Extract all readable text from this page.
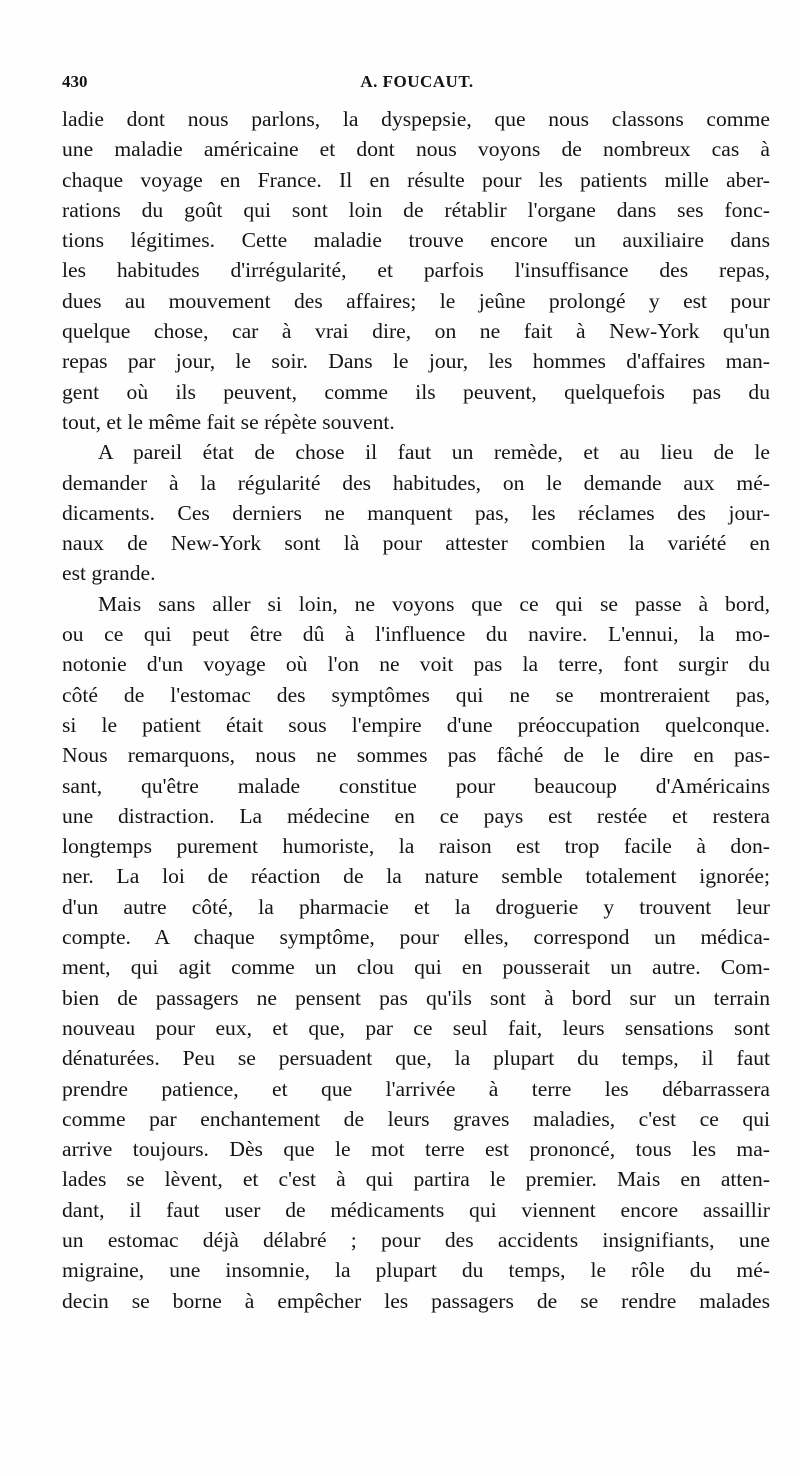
430	A. FOUCAUT.
ladie dont nous parlons, la dyspepsie, que nous classons comme
une maladie américaine et dont nous voyons de nombreux cas à
chaque voyage en France. Il en résulte pour les patients mille aber-
rations du goût qui sont loin de rétablir l'organe dans ses fonc-
tions légitimes. Cette maladie trouve encore un auxiliaire dans
les habitudes d'irrégularité, et parfois l'insuffisance des repas,
dues au mouvement des affaires; le jeûne prolongé y est pour
quelque chose, car à vrai dire, on ne fait à New-York qu'un
repas par jour, le soir. Dans le jour, les hommes d'affaires man-
gent où ils peuvent, comme ils peuvent, quelquefois pas du
tout, et le même fait se répète souvent.
A pareil état de chose il faut un remède, et au lieu de le
demander à la régularité des habitudes, on le demande aux mé-
dicaments. Ces derniers ne manquent pas, les réclames des jour-
naux de New-York sont là pour attester combien la variété en
est grande.
Mais sans aller si loin, ne voyons que ce qui se passe à bord,
ou ce qui peut être dû à l'influence du navire. L'ennui, la mo-
notonie d'un voyage où l'on ne voit pas la terre, font surgir du
côté de l'estomac des symptômes qui ne se montreraient pas,
si le patient était sous l'empire d'une préoccupation quelconque.
Nous remarquons, nous ne sommes pas fâché de le dire en pas-
sant, qu'être malade constitue pour beaucoup d'Américains
une distraction. La médecine en ce pays est restée et restera
longtemps purement humoriste, la raison est trop facile à don-
ner. La loi de réaction de la nature semble totalement ignorée;
d'un autre côté, la pharmacie et la droguerie y trouvent leur
compte. A chaque symptôme, pour elles, correspond un médica-
ment, qui agit comme un clou qui en pousserait un autre. Com-
bien de passagers ne pensent pas qu'ils sont à bord sur un terrain
nouveau pour eux, et que, par ce seul fait, leurs sensations sont
dénaturées. Peu se persuadent que, la plupart du temps, il faut
prendre patience, et que l'arrivée à terre les débarrassera
comme par enchantement de leurs graves maladies, c'est ce qui
arrive toujours. Dès que le mot terre est prononcé, tous les ma-
lades se lèvent, et c'est à qui partira le premier. Mais en atten-
dant, il faut user de médicaments qui viennent encore assaillir
un estomac déjà délabré ; pour des accidents insignifiants, une
migraine, une insomnie, la plupart du temps, le rôle du mé-
decin se borne à empêcher les passagers de se rendre malades
